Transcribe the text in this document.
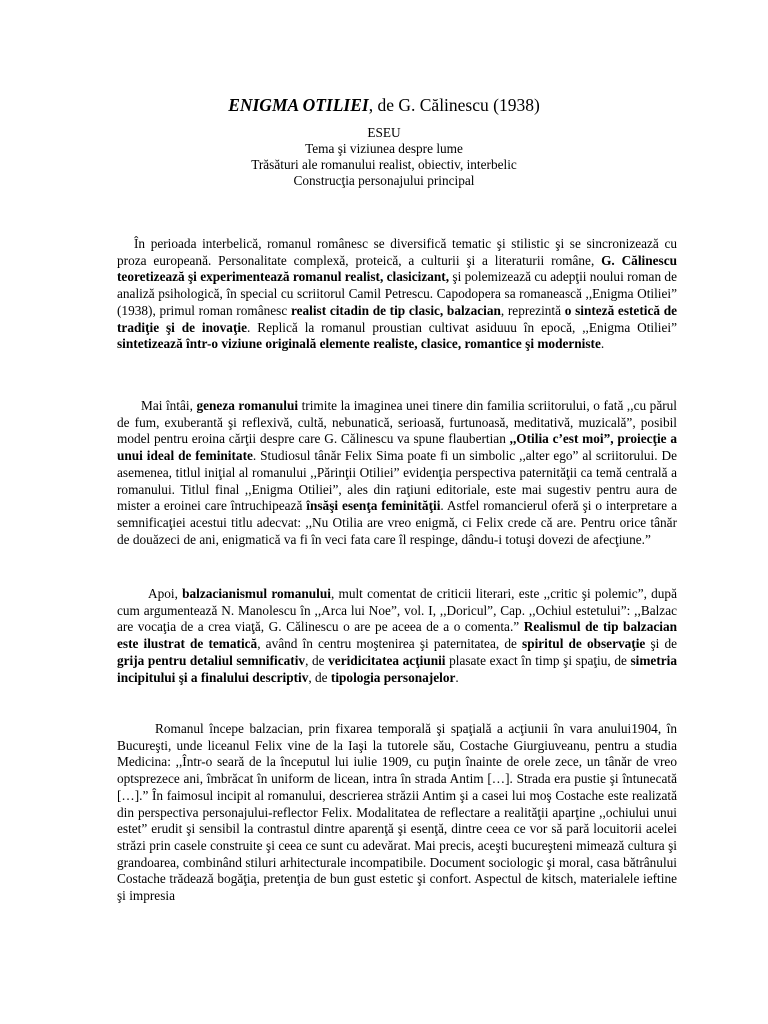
ENIGMA OTILIEI, de G. Călinescu (1938)
ESEU
Tema şi viziunea despre lume
Trăsături ale romanului realist, obiectiv, interbelic
Construcţia personajului principal

În perioada interbelică, romanul românesc se diversifică tematic şi stilistic şi se sincronizează cu proza europeană. Personalitate complexă, proteică, a culturii şi a literaturii române, G. Călinescu teoretizează şi experimentează romanul realist, clasicizant, şi polemizează cu adepţii noului roman de analiză psihologică, în special cu scriitorul Camil Petrescu. Capodopera sa romanească ,,Enigma Otiliei” (1938), primul roman românesc realist citadin de tip clasic, balzacian, reprezintă o sinteză estetică de tradiţie şi de inovaţie. Replică la romanul proustian cultivat asiduuu în epocă, ,,Enigma Otiliei” sintetizează într-o viziune originală elemente realiste, clasice, romantice şi moderniste.

Mai întâi, geneza romanului trimite la imaginea unei tinere din familia scriitorului, o fată ,,cu părul de fum, exuberantă şi reflexivă, cultă, nebunatică, serioasă, furtunoasă, meditativă, muzicală”, posibil model pentru eroina cărţii despre care G. Călinescu va spune flaubertian ,,Otilia c’est moi”, proiecţie a unui ideal de feminitate. Studiosul tânăr Felix Sima poate fi un simbolic ,,alter ego” al scriitorului. De asemenea, titlul iniţial al romanului ,,Părinţii Otiliei” evidenţia perspectiva paternităţii ca temă centrală a romanului. Titlul final ,,Enigma Otiliei”, ales din raţiuni editoriale, este mai sugestiv pentru aura de mister a eroinei care întruchipează însăşi esenţa feminităţii. Astfel romancierul oferă şi o interpretare a semnificaţiei acestui titlu adecvat: ,,Nu Otilia are vreo enigmă, ci Felix crede că are. Pentru orice tânăr de douăzeci de ani, enigmatică va fi în veci fata care îl respinge, dându-i totuşi dovezi de afecţiune.”

Apoi, balzacianismul romanului, mult comentat de criticii literari, este ,,critic şi polemic”, după cum argumentează N. Manolescu în ,,Arca lui Noe”, vol. I, ,,Doricul”, Cap. ,,Ochiul estetului”: ,,Balzac are vocaţia de a crea viaţă, G. Călinescu o are pe aceea de a o comenta.” Realismul de tip balzacian este ilustrat de tematică, având în centru moştenirea şi paternitatea, de spiritul de observaţie şi de grija pentru detaliul semnificativ, de veridicitatea acţiunii plasate exact în timp şi spaţiu, de simetria incipitului şi a finalului descriptiv, de tipologia personajelor.

Romanul începe balzacian, prin fixarea temporală şi spaţială a acţiunii în vara anului1904, în Bucureşti, unde liceanul Felix vine de la Iaşi la tutorele său, Costache Giurgiuveanu, pentru a studia Medicina: ,,Într-o seară de la începutul lui iulie 1909, cu puţin înainte de orele zece, un tânăr de vreo optsprezece ani, îmbrăcat în uniform de licean, intra în strada Antim […]. Strada era pustie şi întunecată […].” În faimosul incipit al romanului, descrierea străzii Antim şi a casei lui moş Costache este realizată din perspectiva personajului-reflector Felix. Modalitatea de reflectare a realităţii aparţine ,,ochiului unui estet” erudit şi sensibil la contrastul dintre aparenţă şi esenţă, dintre ceea ce vor să pară locuitorii acelei străzi prin casele construite şi ceea ce sunt cu adevărat. Mai precis, aceşti bucureşteni mimează cultura şi grandoarea, combinând stiluri arhitecturale incompatibile. Document sociologic şi moral, casa bătrânului Costache trădează bogăţia, pretenţia de bun gust estetic şi confort. Aspectul de kitsch, materialele ieftine şi impresia
